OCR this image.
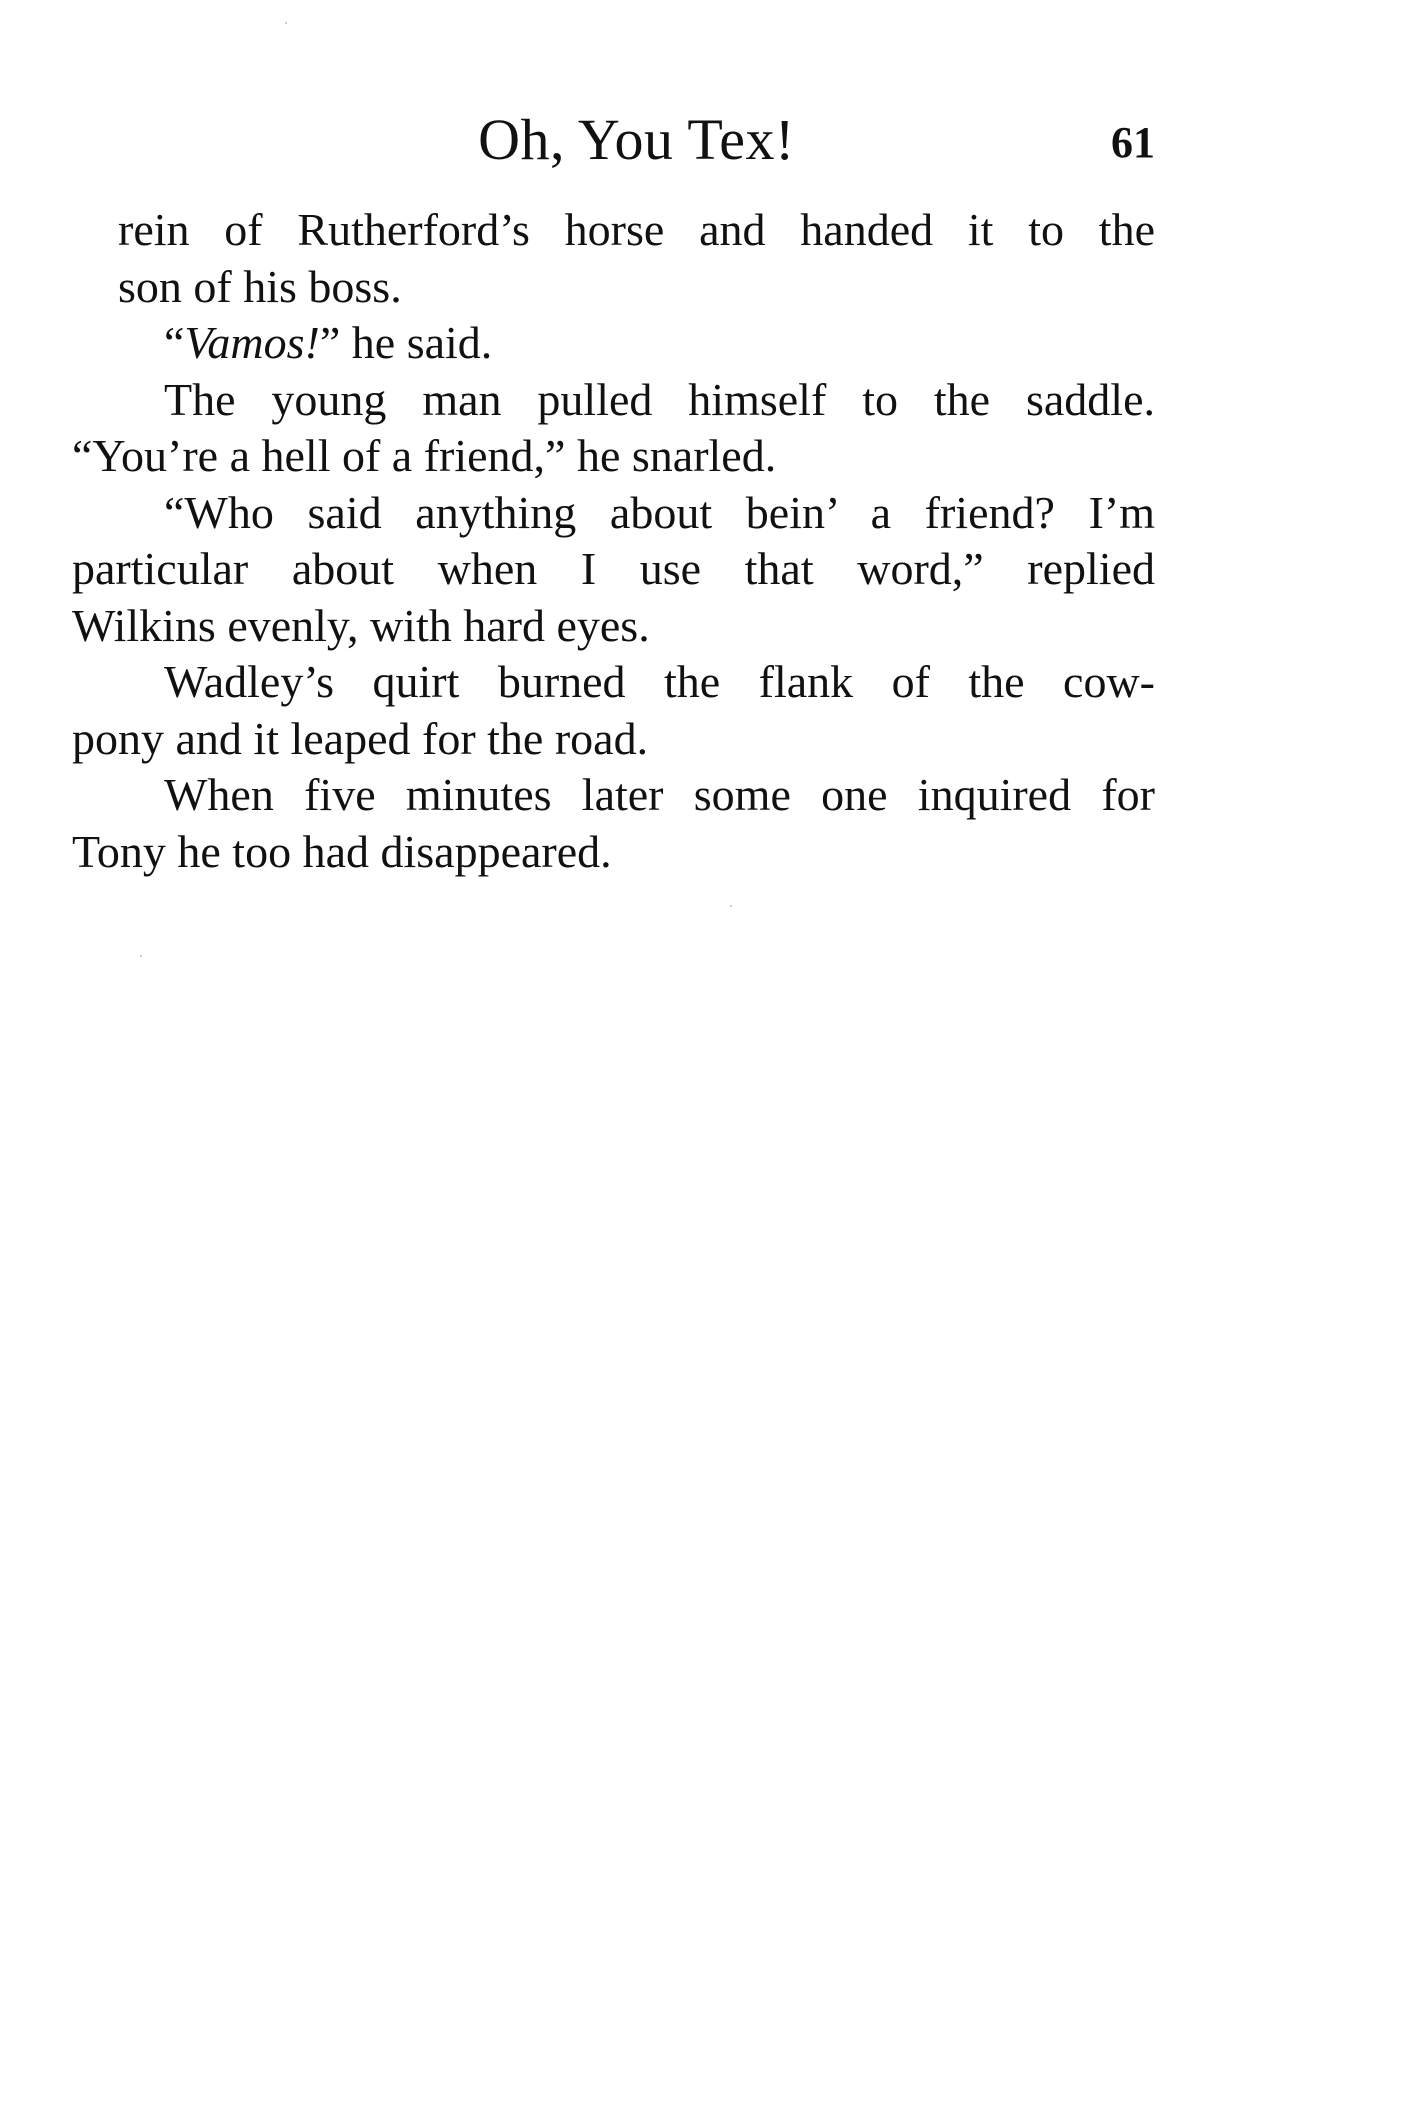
Oh, You Tex!	61

rein of Rutherford’s horse and handed it to the
son of his boss.

“Vamos!” he said.

The young man pulled himself to the saddle.
“You’re a hell of a friend,” he snarled.

“Who said anything about bein’ a friend? I’m
particular about when I use that word,” replied
Wilkins evenly, with hard eyes.

Wadley’s quirt burned the flank of the cow-
pony and it leaped for the road.

When five minutes later some one inquired for
Tony he too had disappeared.
